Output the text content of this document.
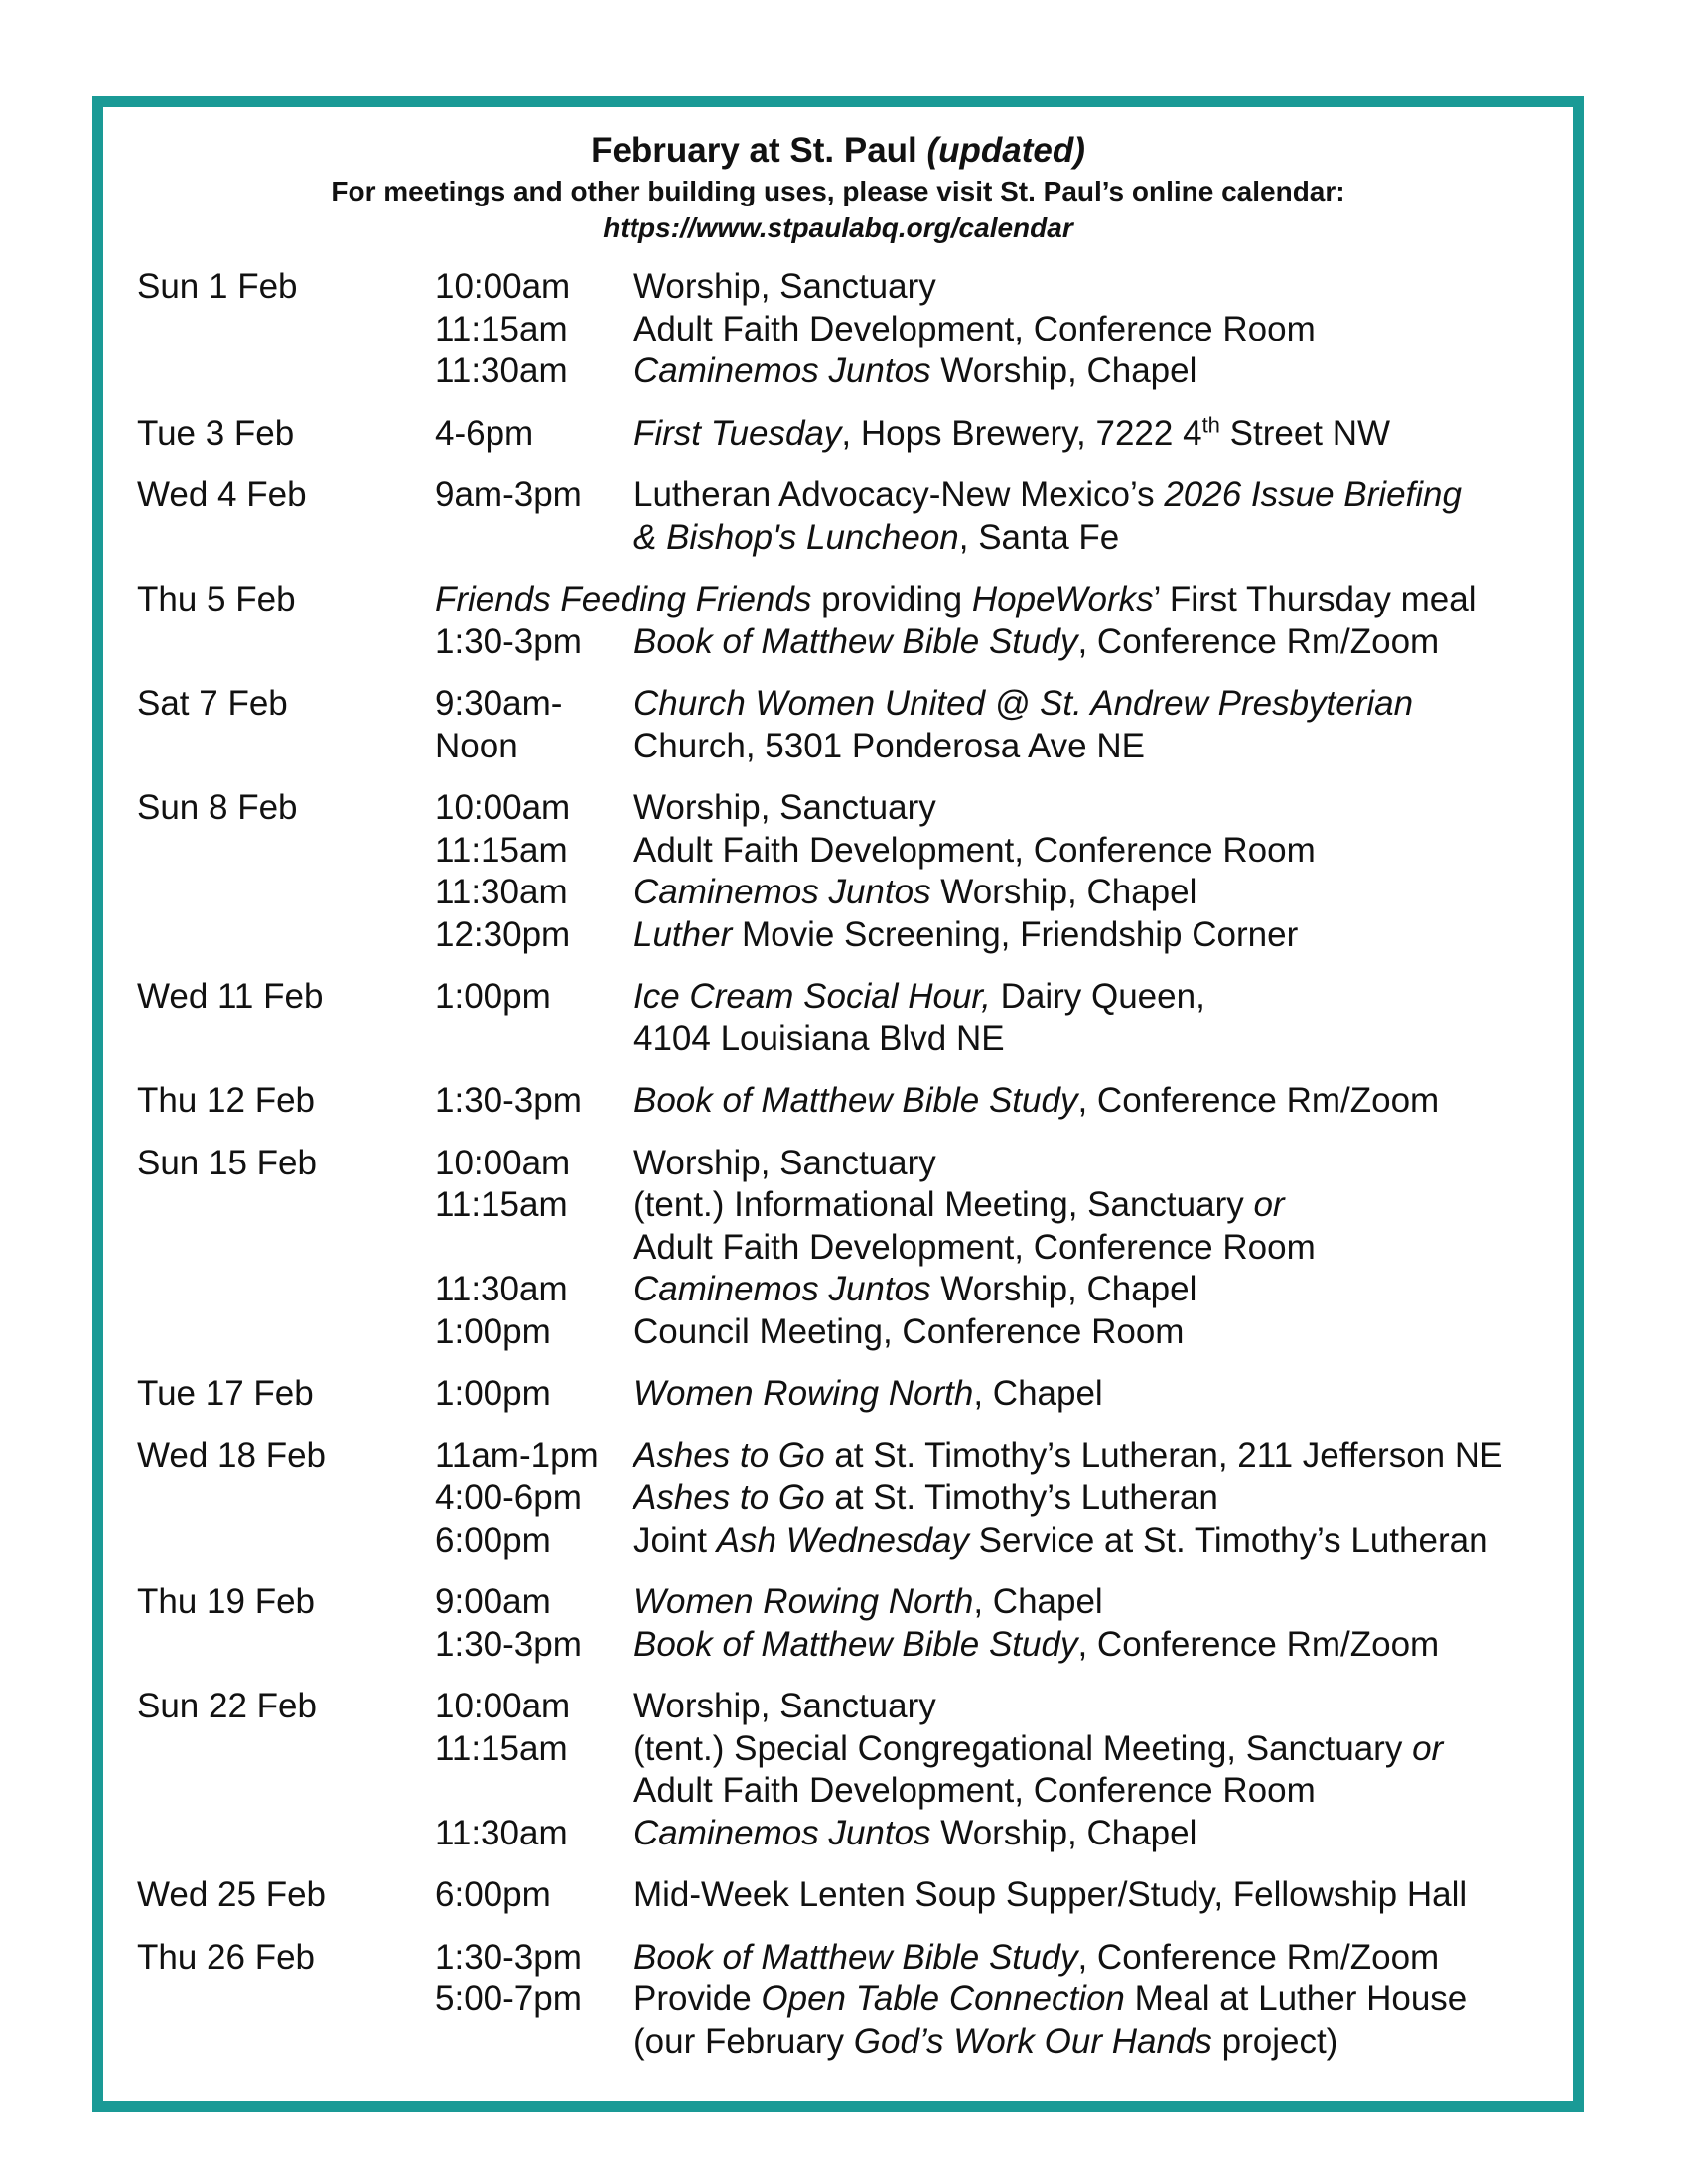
February at St. Paul (updated)

For meetings and other building uses, please visit St. Paul’s online calendar:

https://www.stpaulabq.org/calendar

Sun 1 Feb	10:00am	Worship, Sanctuary
11:15am	Adult Faith Development, Conference Room
11:30am	Caminemos Juntos Worship, Chapel
Tue 3 Feb	4-6pm	First Tuesday, Hops Brewery, 7222 4th Street NW
Wed 4 Feb	9am-3pm	Lutheran Advocacy-New Mexico’s 2026 Issue Briefing
& Bishop's Luncheon, Santa Fe
Thu 5 Feb	Friends Feeding Friends providing HopeWorks’ First Thursday meal
1:30-3pm	Book of Matthew Bible Study, Conference Rm/Zoom
Sat 7 Feb	9:30am-	Church Women United @ St. Andrew Presbyterian
Noon	Church, 5301 Ponderosa Ave NE
Sun 8 Feb	10:00am	Worship, Sanctuary
11:15am	Adult Faith Development, Conference Room
11:30am	Caminemos Juntos Worship, Chapel
12:30pm	Luther Movie Screening, Friendship Corner
Wed 11 Feb	1:00pm	Ice Cream Social Hour, Dairy Queen,
4104 Louisiana Blvd NE
Thu 12 Feb	1:30-3pm	Book of Matthew Bible Study, Conference Rm/Zoom
Sun 15 Feb	10:00am	Worship, Sanctuary
11:15am	(tent.) Informational Meeting, Sanctuary or
Adult Faith Development, Conference Room
11:30am	Caminemos Juntos Worship, Chapel
1:00pm	Council Meeting, Conference Room
Tue 17 Feb	1:00pm	Women Rowing North, Chapel
Wed 18 Feb	11am-1pm	Ashes to Go at St. Timothy’s Lutheran, 211 Jefferson NE
4:00-6pm	Ashes to Go at St. Timothy’s Lutheran
6:00pm	Joint Ash Wednesday Service at St. Timothy’s Lutheran
Thu 19 Feb	9:00am	Women Rowing North, Chapel
1:30-3pm	Book of Matthew Bible Study, Conference Rm/Zoom
Sun 22 Feb	10:00am	Worship, Sanctuary
11:15am	(tent.) Special Congregational Meeting, Sanctuary or
Adult Faith Development, Conference Room
11:30am	Caminemos Juntos Worship, Chapel
Wed 25 Feb	6:00pm	Mid-Week Lenten Soup Supper/Study, Fellowship Hall
Thu 26 Feb	1:30-3pm	Book of Matthew Bible Study, Conference Rm/Zoom
5:00-7pm	Provide Open Table Connection Meal at Luther House
(our February God’s Work Our Hands project)
